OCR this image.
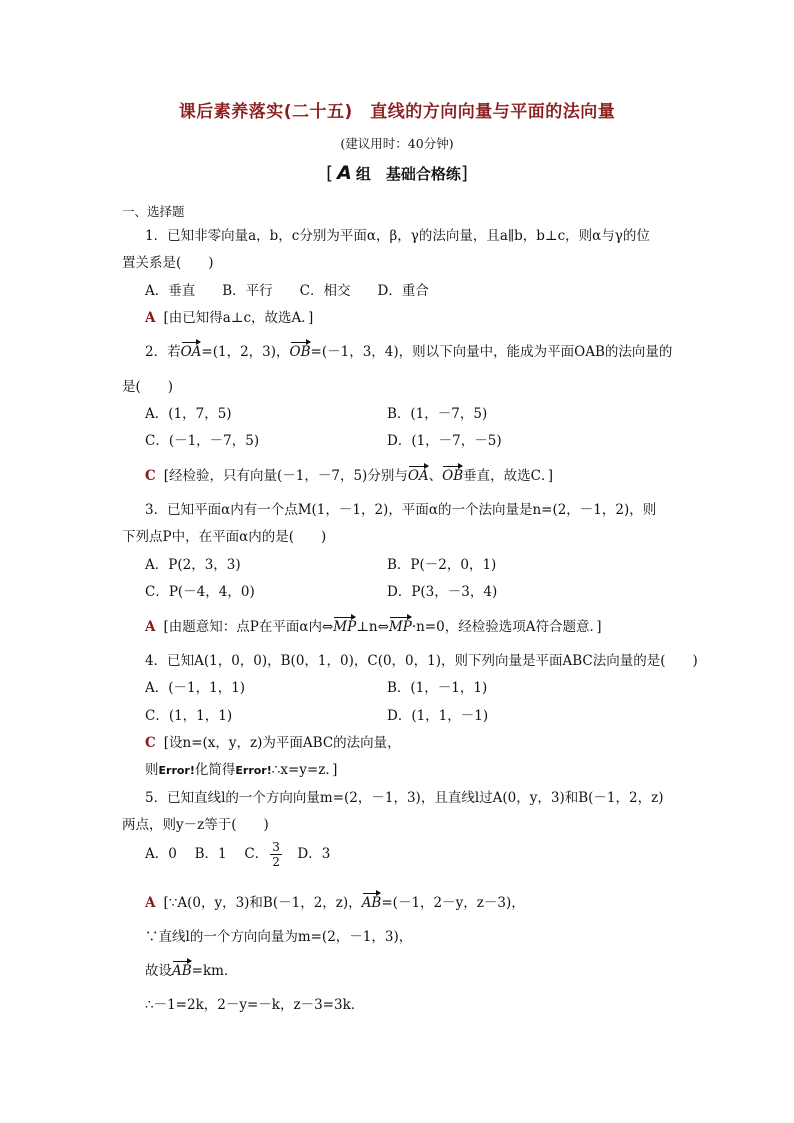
课后素养落实(二十五)　直线的方向向量与平面的法向量
(建议用时：40分钟)
[ A 组　基础合格练]
一、选择题
1．已知非零向量a，b，c分别为平面α，β，γ的法向量，且a∥b，b⊥c，则α与γ的位
置关系是(　　)
A．垂直　　B．平行　　C．相交　　D．重合
A [由已知得a⊥c，故选A．]
2．若OA=(1，2，3)，OB=(－1，3，4)，则以下向量中，能成为平面OAB的法向量的
是(　　)
A．(1，7，5)	B．(1，－7，5)
C．(－1，－7，5)	D．(1，－7，－5)
C [经检验，只有向量(－1，－7，5)分别与OA、OB垂直，故选C．]
3．已知平面α内有一个点M(1，－1，2)，平面α的一个法向量是n=(2，－1，2)，则
下列点P中，在平面α内的是(　　)
A．P(2，3，3)	B．P(－2，0，1)
C．P(－4，4，0)	D．P(3，－3，4)
A [由题意知：点P在平面α内⇔MP⊥n⇔MP·n=0，经检验选项A符合题意．]
4．已知A(1，0，0)，B(0，1，0)，C(0，0，1)，则下列向量是平面ABC法向量的是(　　)
A．(－1，1，1)	B．(1，－1，1)
C．(1，1，1)	D．(1，1，－1)
C [设n=(x，y，z)为平面ABC的法向量，
则Error!化简得Error!∴x=y=z．]
5．已知直线l的一个方向向量m=(2，－1，3)，且直线l过A(0，y，3)和B(－1，2，z)
两点，则y－z等于(　　)
A．0　 B．1　 C． $\frac{3}{2}$ 　D．3
A [∵A(0，y，3)和B(－1，2，z)，AB=(－1，2－y，z－3)，
∵直线l的一个方向向量为m=(2，－1，3)，
故设AB=km．
∴－1=2k，2－y=－k，z－3=3k．
